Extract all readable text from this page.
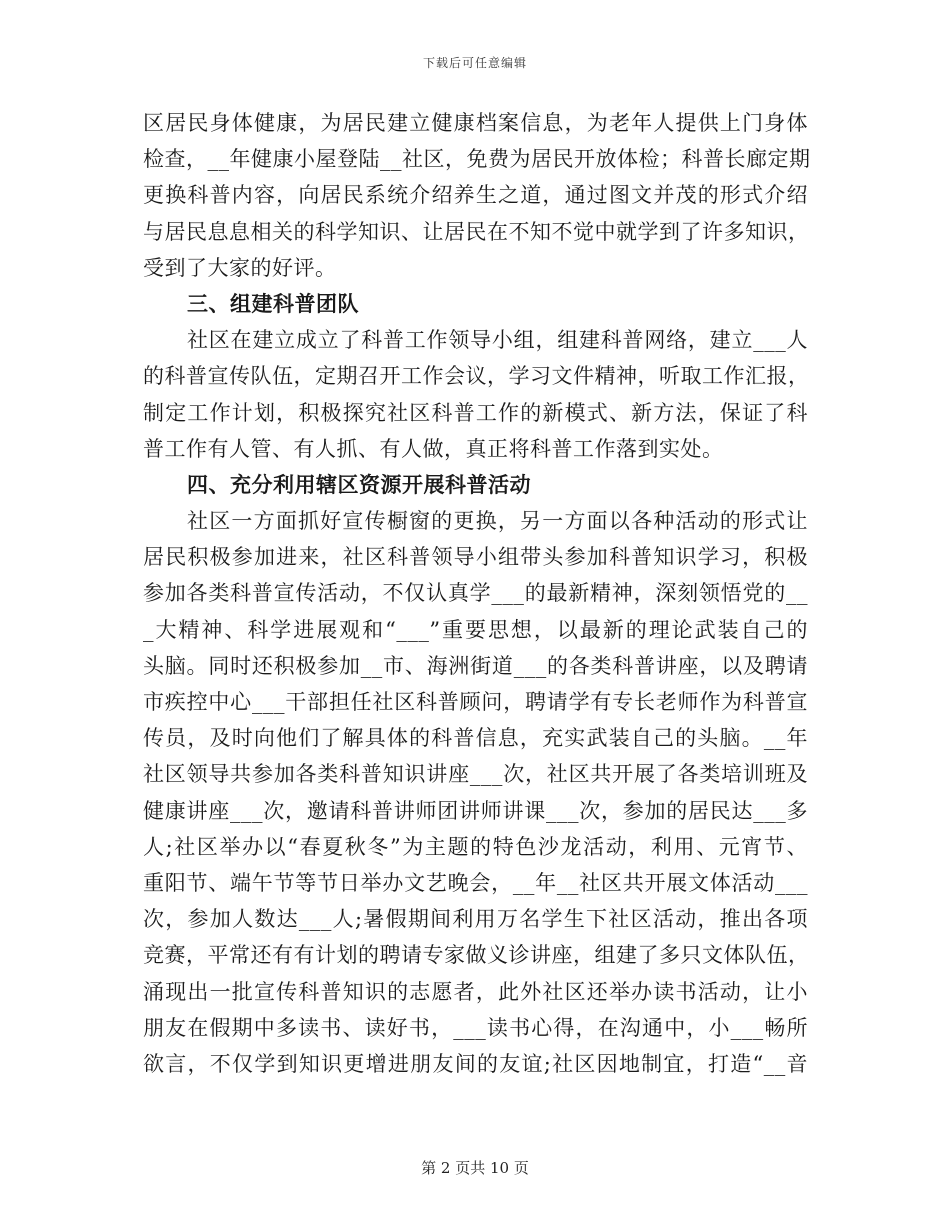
下载后可任意编辑
区居民身体健康，为居民建立健康档案信息，为老年人提供上门身体
检查，__年健康小屋登陆__社区，免费为居民开放体检；科普长廊定期
更换科普内容，向居民系统介绍养生之道，通过图文并茂的形式介绍
与居民息息相关的科学知识、让居民在不知不觉中就学到了许多知识，
受到了大家的好评。
三、组建科普团队
社区在建立成立了科普工作领导小组，组建科普网络，建立___人
的科普宣传队伍，定期召开工作会议，学习文件精神，听取工作汇报，
制定工作计划，积极探究社区科普工作的新模式、新方法，保证了科
普工作有人管、有人抓、有人做，真正将科普工作落到实处。
四、充分利用辖区资源开展科普活动
社区一方面抓好宣传橱窗的更换，另一方面以各种活动的形式让
居民积极参加进来，社区科普领导小组带头参加科普知识学习，积极
参加各类科普宣传活动，不仅认真学___的最新精神，深刻领悟党的__
_大精神、科学进展观和“___”重要思想，以最新的理论武装自己的
头脑。同时还积极参加__市、海洲街道___的各类科普讲座，以及聘请
市疾控中心___干部担任社区科普顾问，聘请学有专长老师作为科普宣
传员，及时向他们了解具体的科普信息，充实武装自己的头脑。__年
社区领导共参加各类科普知识讲座___次，社区共开展了各类培训班及
健康讲座___次，邀请科普讲师团讲师讲课___次，参加的居民达___多
人;社区举办以“春夏秋冬”为主题的特色沙龙活动，利用、元宵节、
重阳节、端午节等节日举办文艺晚会，__年__社区共开展文体活动___
次，参加人数达___人;暑假期间利用万名学生下社区活动，推出各项
竞赛，平常还有有计划的聘请专家做义诊讲座，组建了多只文体队伍，
涌现出一批宣传科普知识的志愿者，此外社区还举办读书活动，让小
朋友在假期中多读书、读好书，___读书心得，在沟通中，小___畅所
欲言，不仅学到知识更增进朋友间的友谊;社区因地制宜，打造“__音
第 2 页共 10 页
